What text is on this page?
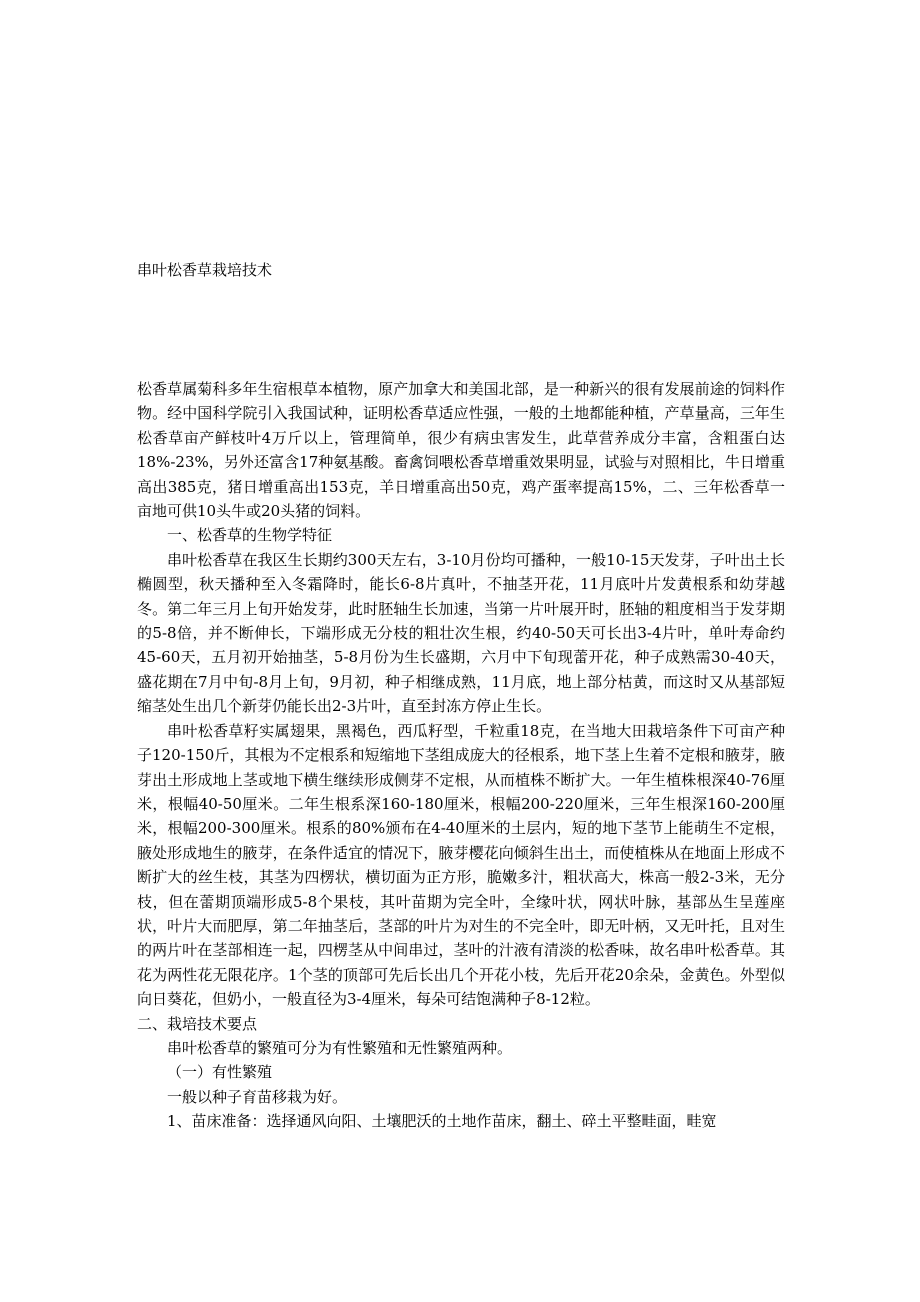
串叶松香草栽培技术

松香草属菊科多年生宿根草本植物，原产加拿大和美国北部，是一种新兴的很有发展前途的饲料作物。经中国科学院引入我国试种，证明松香草适应性强，一般的土地都能种植，产草量高，三年生松香草亩产鲜枝叶4万斤以上，管理简单，很少有病虫害发生，此草营养成分丰富，含粗蛋白达18%-23%，另外还富含17种氨基酸。畜禽饲喂松香草增重效果明显，试验与对照相比，牛日增重高出385克，猪日增重高出153克，羊日增重高出50克，鸡产蛋率提高15%，二、三年松香草一亩地可供10头牛或20头猪的饲料。

一、松香草的生物学特征

串叶松香草在我区生长期约300天左右，3-10月份均可播种，一般10-15天发芽，子叶出土长椭圆型，秋天播种至入冬霜降时，能长6-8片真叶，不抽茎开花，11月底叶片发黄根系和幼芽越冬。第二年三月上旬开始发芽，此时胚轴生长加速，当第一片叶展开时，胚轴的粗度相当于发芽期的5-8倍，并不断伸长，下端形成无分枝的粗壮次生根，约40-50天可长出3-4片叶，单叶寿命约45-60天，五月初开始抽茎，5-8月份为生长盛期，六月中下旬现蕾开花，种子成熟需30-40天，盛花期在7月中旬-8月上旬，9月初，种子相继成熟，11月底，地上部分枯黄，而这时又从基部短缩茎处生出几个新芽仍能长出2-3片叶，直至封冻方停止生长。

串叶松香草籽实属翅果，黑褐色，西瓜籽型，千粒重18克，在当地大田栽培条件下可亩产种子120-150斤，其根为不定根系和短缩地下茎组成庞大的径根系，地下茎上生着不定根和腋芽，腋芽出土形成地上茎或地下横生继续形成侧芽不定根，从而植株不断扩大。一年生植株根深40-76厘米，根幅40-50厘米。二年生根系深160-180厘米，根幅200-220厘米，三年生根深160-200厘米，根幅200-300厘米。根系的80%颁布在4-40厘米的土层内，短的地下茎节上能萌生不定根，腋处形成地生的腋芽，在条件适宜的情况下，腋芽樱花向倾斜生出土，而使植株从在地面上形成不断扩大的丝生枝，其茎为四楞状，横切面为正方形，脆嫩多汁，粗状高大，株高一般2-3米，无分枝，但在蕾期顶端形成5-8个果枝，其叶苗期为完全叶，全缘叶状，网状叶脉，基部丛生呈莲座状，叶片大而肥厚，第二年抽茎后，茎部的叶片为对生的不完全叶，即无叶柄，又无叶托，且对生的两片叶在茎部相连一起，四楞茎从中间串过，茎叶的汁液有清淡的松香味，故名串叶松香草。其花为两性花无限花序。1个茎的顶部可先后长出几个开花小枝，先后开花20余朵，金黄色。外型似向日葵花，但奶小，一般直径为3-4厘米，每朵可结饱满种子8-12粒。

二、栽培技术要点

串叶松香草的繁殖可分为有性繁殖和无性繁殖两种。

（一）有性繁殖

一般以种子育苗移栽为好。

1、苗床准备：选择通风向阳、土壤肥沃的土地作苗床，翻土、碎土平整畦面，畦宽
